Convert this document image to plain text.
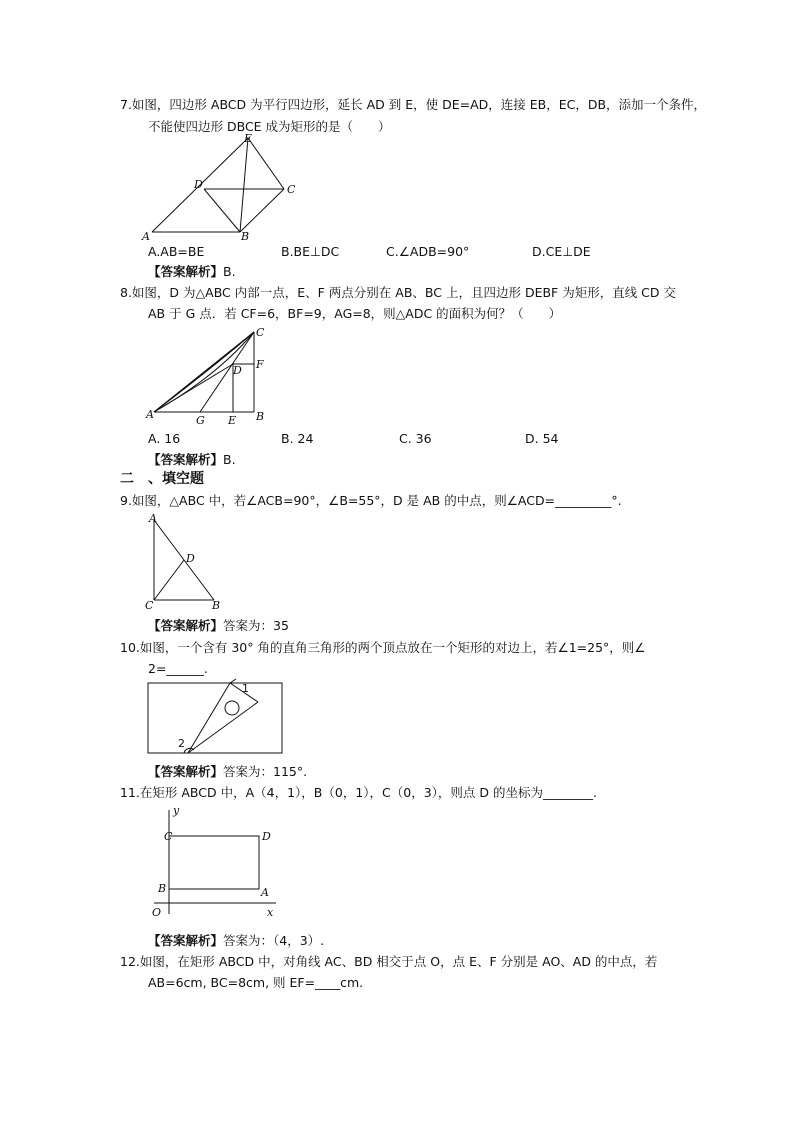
7.如图，四边形 ABCD 为平行四边形，延长 AD 到 E，使 DE=AD，连接 EB，EC，DB，添加一个条件，
不能使四边形 DBCE 成为矩形的是（　　）
A	B
C
D
E
A.AB=BE	B.BE⊥DC	C.∠ADB=90°	D.CE⊥DE
【答案解析】B.
8.如图，D 为△ABC 内部一点，E、F 两点分别在 AB、BC 上，且四边形 DEBF 为矩形，直线 CD 交
AB 于 G 点．若 CF=6，BF=9，AG=8，则△ADC 的面积为何？（　　）
A	B
C
D
E
F
G
A. 16	B. 24	C. 36	D. 54
【答案解析】B.
二　、填空题
9.如图，△ABC 中，若∠ACB=90°，∠B=55°，D 是 AB 的中点，则∠ACD=_________°.
A
B
C
D
【答案解析】答案为：35
10.如图，一个含有 30° 角的直角三角形的两个顶点放在一个矩形的对边上，若∠1=25°，则∠
2=______.
1
2
【答案解析】答案为：115°.
11.在矩形 ABCD 中，A（4，1），B（0，1），C（0，3），则点 D 的坐标为________.
C	D
B	A
O	x
y
【答案解析】答案为：（4，3）.
12.如图，在矩形 ABCD 中，对角线 AC、BD 相交于点 O，点 E、F 分别是 AO、AD 的中点，若
AB=6cm, BC=8cm, 则 EF=____cm.
